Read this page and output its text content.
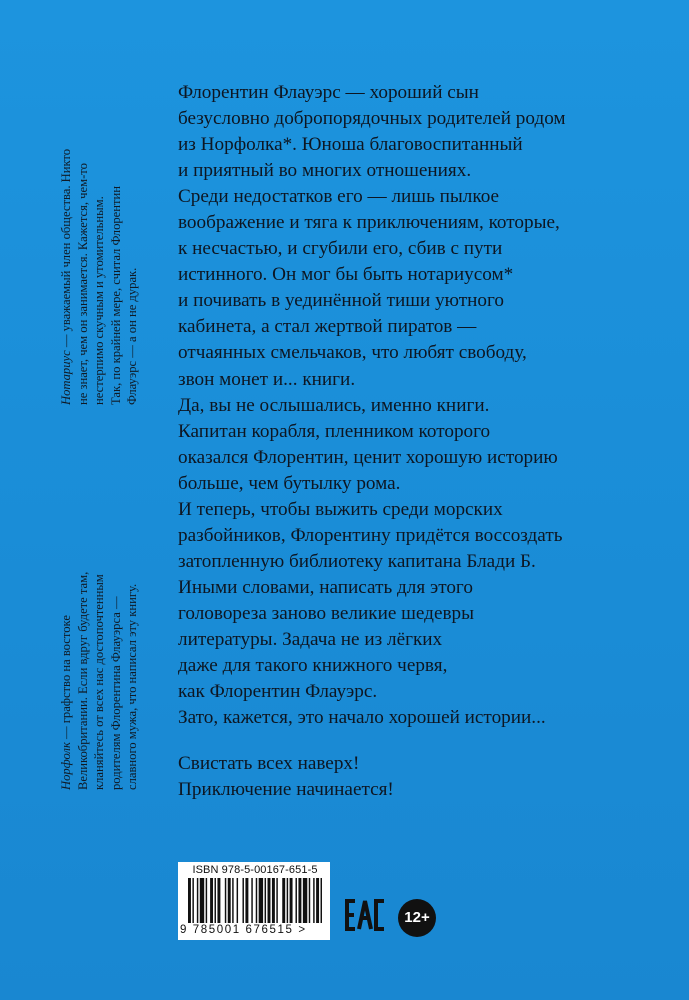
Нотариус — уважаемый член общества. Никто не знает, чем он занимается. Кажется, чем-то нестерпимо скучным и утомительным. Так, по крайней мере, считал Флорентин Флауэрс — а он не дурак.
Норфолк — графство на востоке Великобритании. Если вдруг будете там, кланяйтесь от всех нас достопочтенным родителям Флорентина Флауэрса — славного мужа, что написал эту книгу.
Флорентин Флауэрс — хороший сын
безусловно добропорядочных родителей родом
из Норфолка*. Юноша благовоспитанный
и приятный во многих отношениях.
Среди недостатков его — лишь пылкое
воображение и тяга к приключениям, которые,
к несчастью, и сгубили его, сбив с пути
истинного. Он мог бы быть нотариусом*
и почивать в уединённой тиши уютного
кабинета, а стал жертвой пиратов —
отчаянных смельчаков, что любят свободу,
звон монет и... книги.
Да, вы не ослышались, именно книги.
Капитан корабля, пленником которого
оказался Флорентин, ценит хорошую историю
больше, чем бутылку рома.
И теперь, чтобы выжить среди морских
разбойников, Флорентину придётся воссоздать
затопленную библиотеку капитана Блади Б.
Иными словами, написать для этого
головореза заново великие шедевры
литературы. Задача не из лёгких
даже для такого книжного червя,
как Флорентин Флауэрс.
Зато, кажется, это начало хорошей истории...
Свистать всех наверх!
Приключение начинается!
ISBN 978-5-00167-651-5
9 785001 676515 >
12+
